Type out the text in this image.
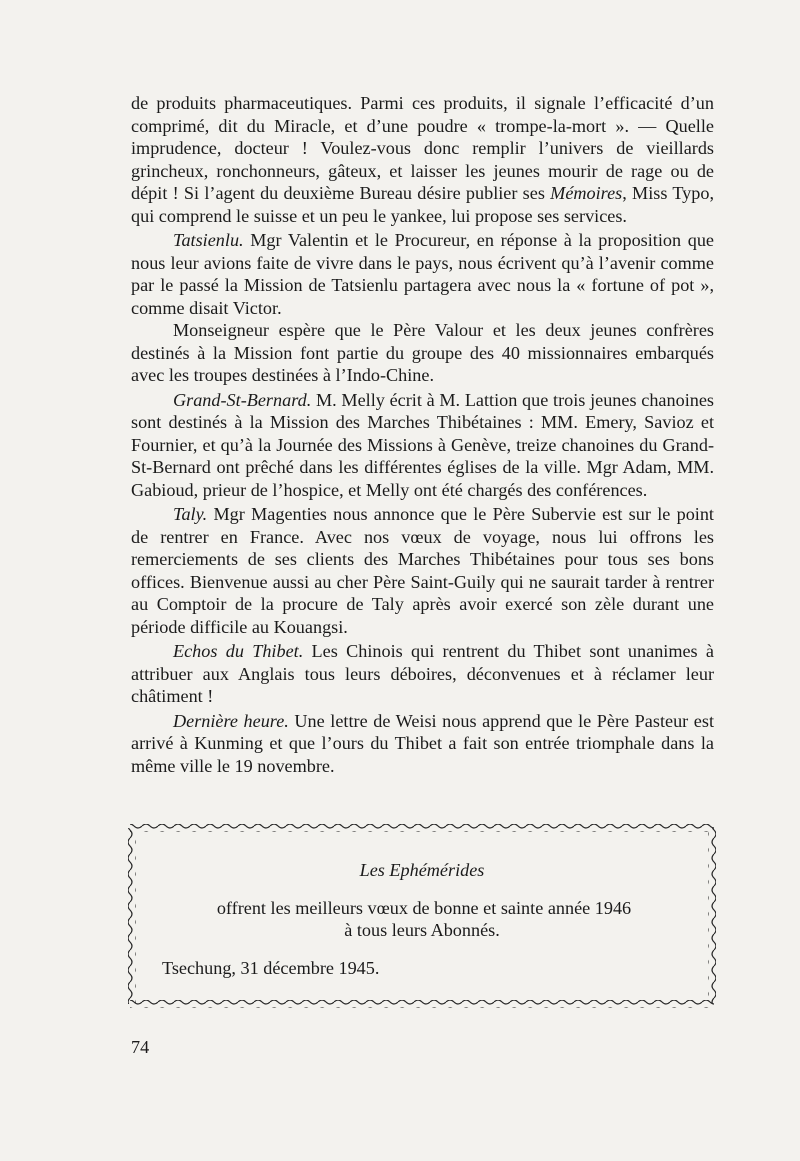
de produits pharmaceutiques. Parmi ces produits, il signale l’efficacité d’un comprimé, dit du Miracle, et d’une poudre « trompe-la-mort ». — Quelle imprudence, docteur ! Voulez-vous donc remplir l’univers de vieillards grincheux, ronchonneurs, gâteux, et laisser les jeunes mourir de rage ou de dépit ! Si l’agent du deuxième Bureau désire publier ses Mémoires, Miss Typo, qui comprend le suisse et un peu le yankee, lui propose ses services.

Tatsienlu. Mgr Valentin et le Procureur, en réponse à la proposition que nous leur avions faite de vivre dans le pays, nous écrivent qu’à l’avenir comme par le passé la Mission de Tatsienlu partagera avec nous la « fortune of pot », comme disait Victor.

Monseigneur espère que le Père Valour et les deux jeunes confrères destinés à la Mission font partie du groupe des 40 missionnaires embarqués avec les troupes destinées à l’Indo-Chine.

Grand-St-Bernard. M. Melly écrit à M. Lattion que trois jeunes chanoines sont destinés à la Mission des Marches Thibétaines : MM. Emery, Savioz et Fournier, et qu’à la Journée des Missions à Genève, treize chanoines du Grand-St-Bernard ont prêché dans les différentes églises de la ville. Mgr Adam, MM. Gabioud, prieur de l’hospice, et Melly ont été chargés des conférences.

Taly. Mgr Magenties nous annonce que le Père Subervie est sur le point de rentrer en France. Avec nos vœux de voyage, nous lui offrons les remerciements de ses clients des Marches Thibétaines pour tous ses bons offices. Bienvenue aussi au cher Père Saint-Guily qui ne saurait tarder à rentrer au Comptoir de la procure de Taly après avoir exercé son zèle durant une période difficile au Kouangsi.

Echos du Thibet. Les Chinois qui rentrent du Thibet sont unanimes à attribuer aux Anglais tous leurs déboires, déconvenues et à réclamer leur châtiment !

Dernière heure. Une lettre de Weisi nous apprend que le Père Pasteur est arrivé à Kunming et que l’ours du Thibet a fait son entrée triomphale dans la même ville le 19 novembre.

Les Ephémérides
offrent les meilleurs vœux de bonne et sainte année 1946
à tous leurs Abonnés.
Tsechung, 31 décembre 1945.
74
